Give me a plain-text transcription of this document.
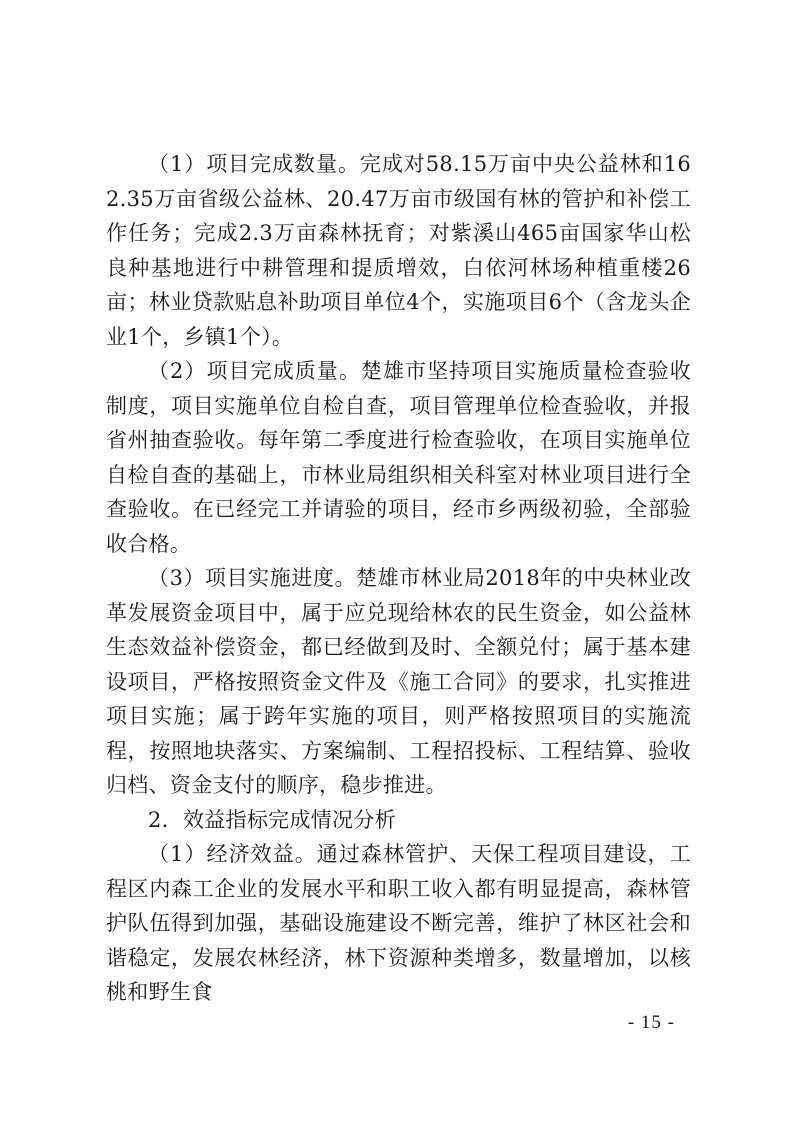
（1）项目完成数量。完成对58.15万亩中央公益林和162.35万亩省级公益林、20.47万亩市级国有林的管护和补偿工作任务；完成2.3万亩森林抚育；对紫溪山465亩国家华山松良种基地进行中耕管理和提质增效，白依河林场种植重楼26亩；林业贷款贴息补助项目单位4个，实施项目6个（含龙头企业1个，乡镇1个）。

（2）项目完成质量。楚雄市坚持项目实施质量检查验收制度，项目实施单位自检自查，项目管理单位检查验收，并报省州抽查验收。每年第二季度进行检查验收，在项目实施单位自检自查的基础上，市林业局组织相关科室对林业项目进行全查验收。在已经完工并请验的项目，经市乡两级初验，全部验收合格。

（3）项目实施进度。楚雄市林业局2018年的中央林业改革发展资金项目中，属于应兑现给林农的民生资金，如公益林生态效益补偿资金，都已经做到及时、全额兑付；属于基本建设项目，严格按照资金文件及《施工合同》的要求，扎实推进项目实施；属于跨年实施的项目，则严格按照项目的实施流程，按照地块落实、方案编制、工程招投标、工程结算、验收归档、资金支付的顺序，稳步推进。

2．效益指标完成情况分析

（1）经济效益。通过森林管护、天保工程项目建设，工程区内森工企业的发展水平和职工收入都有明显提高，森林管护队伍得到加强，基础设施建设不断完善，维护了林区社会和谐稳定，发展农林经济，林下资源种类增多，数量增加，以核桃和野生食

- 15 -
